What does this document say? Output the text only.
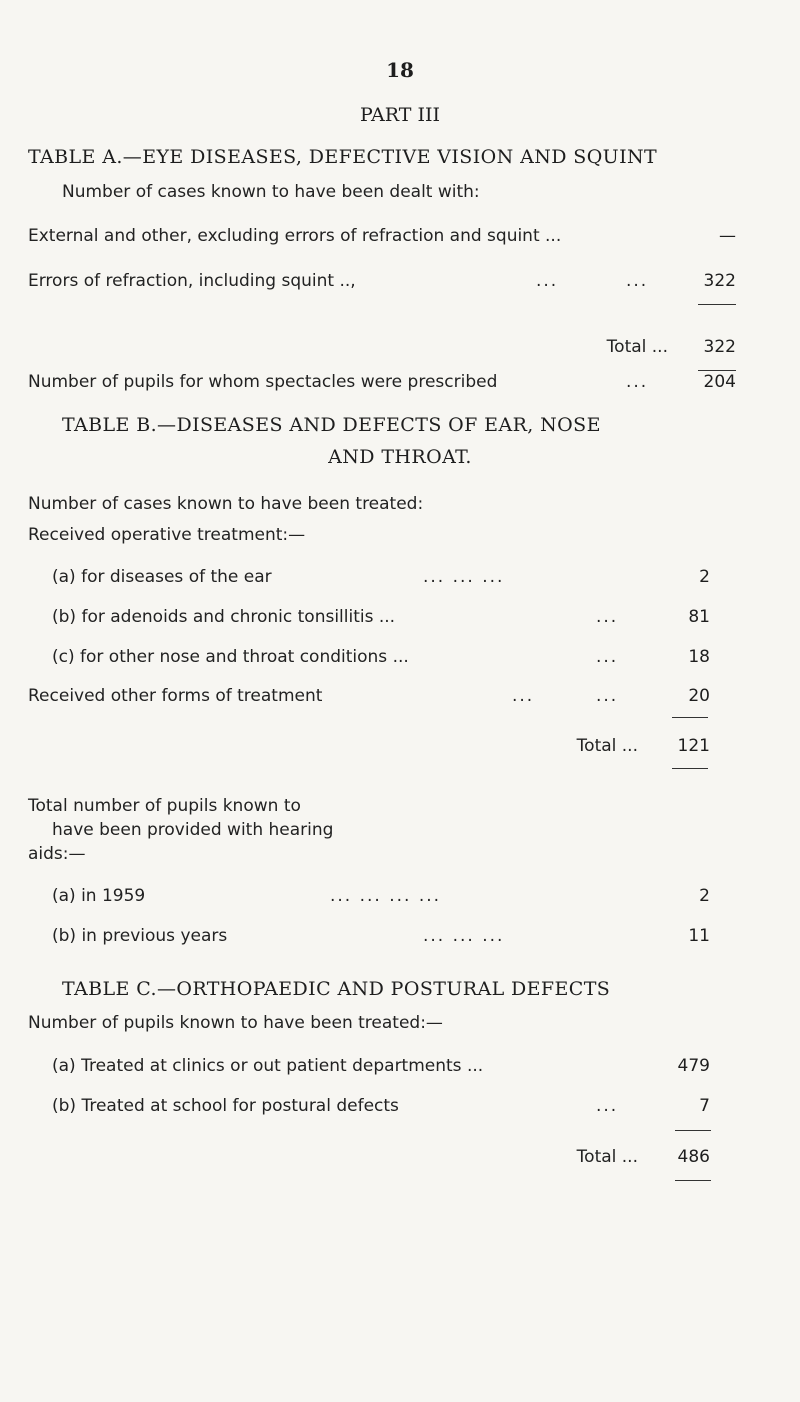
18
PART III
TABLE A.—EYE DISEASES, DEFECTIVE VISION AND SQUINT
Number of cases known to have been dealt with:
External and other, excluding errors of refraction and squint ...	—
Errors of refraction, including squint ..,	...	...	322
Total ...	322
Number of pupils for whom spectacles were prescribed	...	204
TABLE B.—DISEASES AND DEFECTS OF EAR, NOSE
AND THROAT.
Number of cases known to have been treated:
Received operative treatment:—
(a) for diseases of the ear	... ... ...	2
(b) for adenoids and chronic tonsillitis ...	...	81
(c) for other nose and throat conditions ...	...	18
Received other forms of treatment	...	...	20
Total ...	121
Total number of pupils known to
have been provided with hearing
aids:—
(a) in 1959	... ... ... ...	2
(b) in previous years	... ... ...	11
TABLE C.—ORTHOPAEDIC AND POSTURAL DEFECTS
Number of pupils known to have been treated:—
(a) Treated at clinics or out patient departments ...	479
(b) Treated at school for postural defects	...	7
Total ...	486
